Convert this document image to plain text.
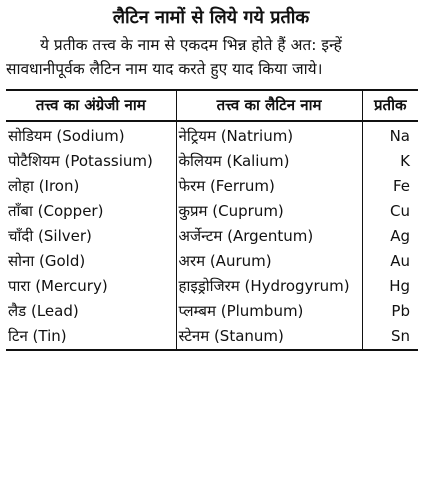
लैटिन नामों से लिये गये प्रतीक

ये प्रतीक तत्त्व के नाम से एकदम भिन्न होते हैं अत: इन्हें सावधानीपूर्वक लैटिन नाम याद करते हुए याद किया जाये।

तत्त्व का अंग्रेजी नाम	तत्त्व का लैटिन नाम	प्रतीक
सोडियम (Sodium)	नेट्रियम (Natrium)	Na
पोटैशियम (Potassium)	केलियम (Kalium)	K
लोहा (Iron)	फेरम (Ferrum)	Fe
ताँबा (Copper)	कुप्रम (Cuprum)	Cu
चाँदी (Silver)	अर्जेन्टम (Argentum)	Ag
सोना (Gold)	अरम (Aurum)	Au
पारा (Mercury)	हाइड्रोजिरम (Hydrogyrum)	Hg
लैड (Lead)	प्लम्बम (Plumbum)	Pb
टिन (Tin)	स्टेनम (Stanum)	Sn
